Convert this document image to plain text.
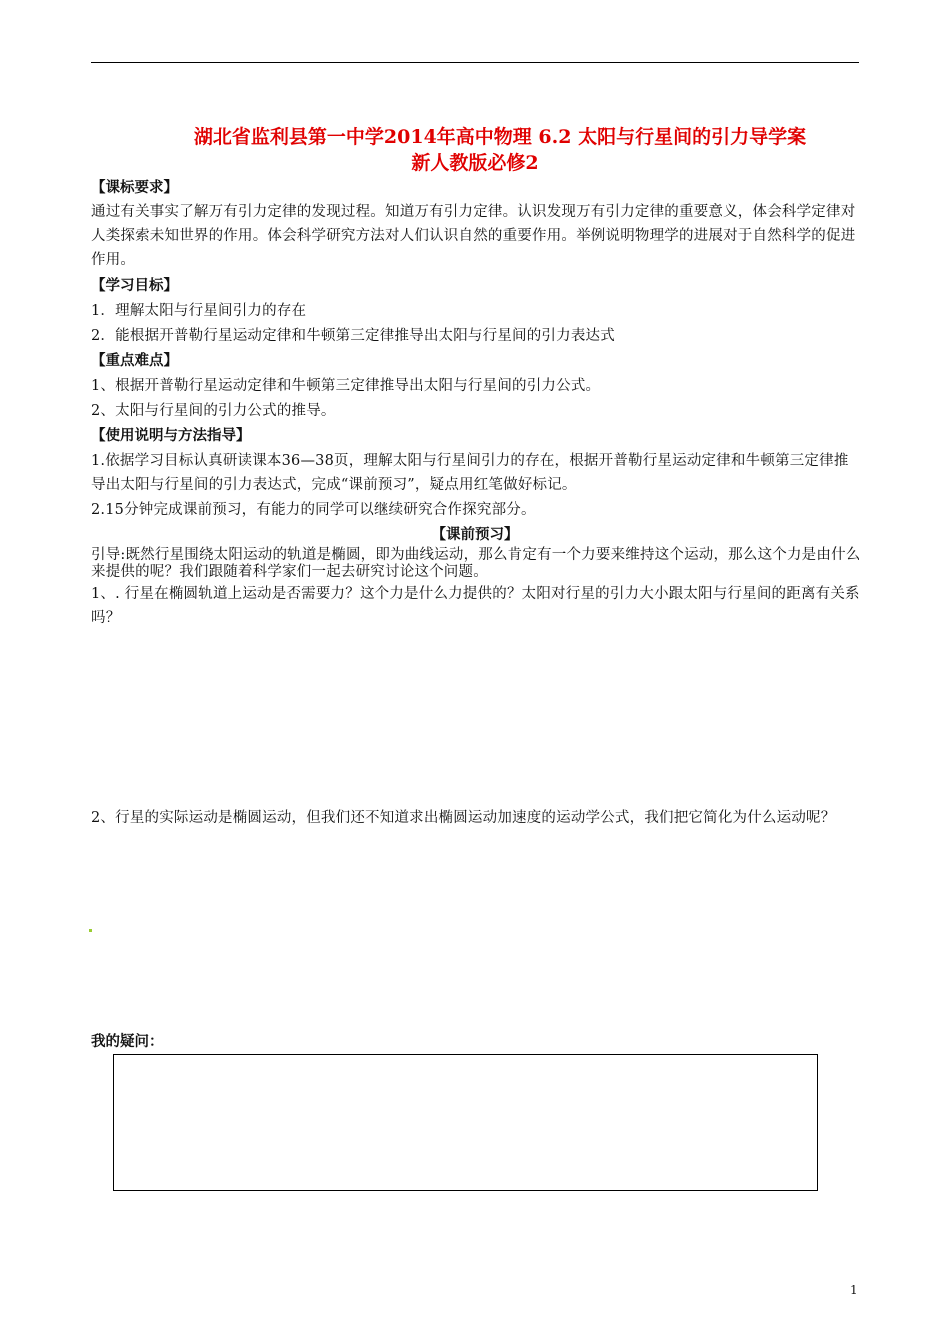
湖北省监利县第一中学2014年高中物理 6.2 太阳与行星间的引力导学案
新人教版必修2
【课标要求】
通过有关事实了解万有引力定律的发现过程。知道万有引力定律。认识发现万有引力定律的重要意义，体会科学定律对人类探索未知世界的作用。体会科学研究方法对人们认识自然的重要作用。举例说明物理学的进展对于自然科学的促进作用。
【学习目标】
1．理解太阳与行星间引力的存在
2．能根据开普勒行星运动定律和牛顿第三定律推导出太阳与行星间的引力表达式
【重点难点】
1、根据开普勒行星运动定律和牛顿第三定律推导出太阳与行星间的引力公式。
2、太阳与行星间的引力公式的推导。
【使用说明与方法指导】
1.依据学习目标认真研读课本36—38页，理解太阳与行星间引力的存在，根据开普勒行星运动定律和牛顿第三定律推导出太阳与行星间的引力表达式，完成“课前预习”，疑点用红笔做好标记。
2.15分钟完成课前预习，有能力的同学可以继续研究合作探究部分。
【课前预习】
引导:既然行星围绕太阳运动的轨道是椭圆，即为曲线运动，那么肯定有一个力要来维持这个运动，那么这个力是由什么来提供的呢？我们跟随着科学家们一起去研究讨论这个问题。
1、. 行星在椭圆轨道上运动是否需要力？这个力是什么力提供的？太阳对行星的引力大小跟太阳与行星间的距离有关系吗？
2、行星的实际运动是椭圆运动，但我们还不知道求出椭圆运动加速度的运动学公式，我们把它简化为什么运动呢？
我的疑问：
1
